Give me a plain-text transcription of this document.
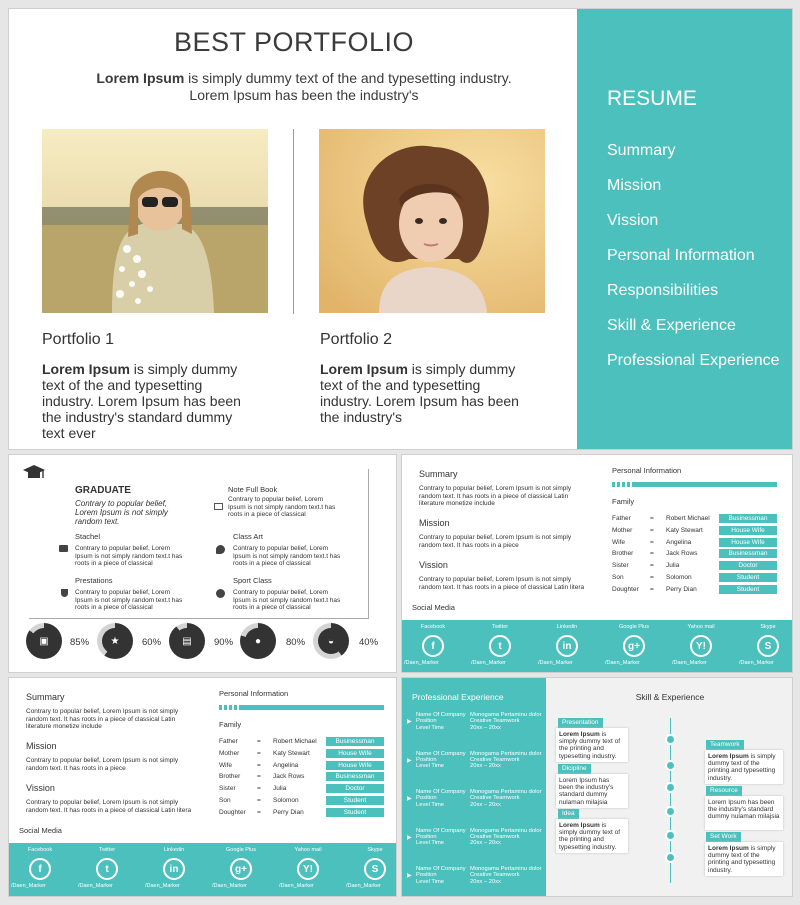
BEST PORTFOLIO
Lorem Ipsum is simply dummy text of the and typesetting industry.
Lorem Ipsum has been the industry's
Portfolio 1
Lorem Ipsum is simply dummy text of the and typesetting industry. Lorem Ipsum has been the industry's standard dummy text ever
Portfolio 2
Lorem Ipsum is simply dummy text of the and typesetting industry. Lorem Ipsum has been the industry's
RESUME
Summary
Mission
Vission
Personal Information
Responsibilities
Skill & Experience
Professional Experience
GRADUATE
Contrary to popular belief, Lorem Ipsum is not simply random text.
Note Full Book
Contrary to popular belief, Lorem Ipsum is not simply random text.t has roots in a piece of classical
Stachel
Contrary to popular belief, Lorem Ipsum is not simply random text.t has roots in a piece of classical
Class Art
Contrary to popular belief, Lorem Ipsum is not simply random text.t has roots in a piece of classical
Prestations
Contrary to popular belief, Lorem Ipsum is not simply random text.t has roots in a piece of classical
Sport Class
Contrary to popular belief, Lorem Ipsum is not simply random text.t has roots in a piece of classical
▣	85%	★	60%	▤	90%	●	80%	◒	40%
Summary
Contrary to popular belief, Lorem Ipsum is not simply random text. It has roots in a piece of classical Latin literature monetize include
Mission
Contrary to popular belief, Lorem Ipsum is not simply random text. It has roots in a piece
Vission
Contrary to popular belief, Lorem Ipsum is not simply random text. It has roots in a piece of classical Latin litera
Social Media
Personal Information
Family
Father	= Robert Michael	Businessman
Mother	= Katy Stewart	House Wife
Wife	= Angelina	House Wife
Brother	= Jack Rows	Businessman
Sister	= Julia	Doctor
Son	= Solomon	Student
Doughter = Perry Dian	Student
Facebook
f
/Daen_Marker
Twitter
t
/Daen_Marker
Linkedin
in
/Daen_Marker
Google Plus
g+
/Daen_Marker
Yahoo mail
Y!
/Daen_Marker
Skype
S
/Daen_Marker
Summary
Contrary to popular belief, Lorem Ipsum is not simply random text. It has roots in a piece of classical Latin literature monetize include
Mission
Contrary to popular belief, Lorem Ipsum is not simply random text. It has roots in a piece
Vission
Contrary to popular belief, Lorem Ipsum is not simply random text. It has roots in a piece of classical Latin litera
Social Media
Personal Information
Family
Father	= Robert Michael	Businessman
Mother	= Katy Stewart	House Wife
Wife	= Angelina	House Wife
Brother	= Jack Rows	Businessman
Sister	= Julia	Doctor
Son	= Solomon	Student
Doughter = Perry Dian	Student
Facebook
f
/Daen_Marker
Twitter
t
/Daen_Marker
Linkedin
in
/Daen_Marker
Google Plus
g+
/Daen_Marker
Yahoo mail
Y!
/Daen_Marker
Skype
S
/Daen_Marker
Professional Experience
▶
Name Of Company
Position
Level Time
Monogama Pertaminu dolor
Creative Teamwork
20xx – 20xx
▶
Name Of Company
Position
Level Time
Monogama Pertaminu dolor
Creative Teamwork
20xx – 20xx
▶
Name Of Company
Position
Level Time
Monogama Pertaminu dolor
Creative Teamwork
20xx – 20xx
▶
Name Of Company
Position
Level Time
Monogama Pertaminu dolor
Creative Teamwork
20xx – 20xx
▶
Name Of Company
Position
Level Time
Monogama Pertaminu dolor
Creative Teamwork
20xx – 20xx
Skill & Experience
Presentation
Lorem Ipsum is simply dummy text of the printing and typesetting industry.
Dicipline
Lorem Ipsum has been the industry's standard dummy nulaman milajsia
Idea
Lorem Ipsum is simply dummy text of the printing and typesetting industry.
Teamwork
Lorem Ipsum is simply dummy text of the printing and typesetting industry.
Resource
Lorem Ipsum has been the industry's standard dummy nulaman milajsia
Set Work
Lorem Ipsum is simply dummy text of the printing and typesetting industry.
